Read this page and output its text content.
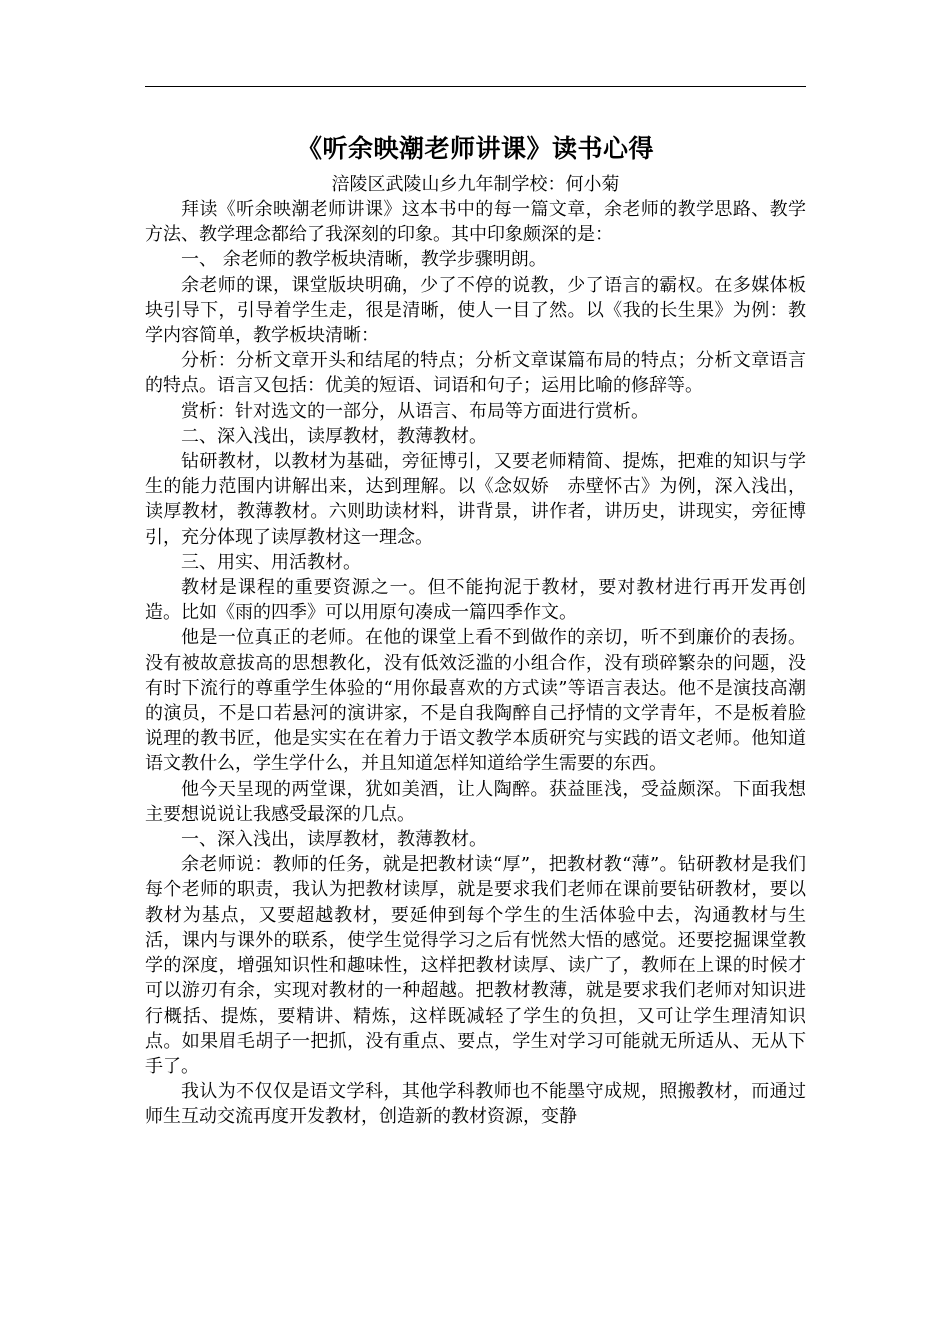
《听余映潮老师讲课》读书心得

涪陵区武陵山乡九年制学校：何小菊

拜读《听余映潮老师讲课》这本书中的每一篇文章，余老师的教学思路、教学方法、教学理念都给了我深刻的印象。其中印象颇深的是：

一、 余老师的教学板块清晰，教学步骤明朗。

余老师的课，课堂版块明确，少了不停的说教，少了语言的霸权。在多媒体板块引导下，引导着学生走，很是清晰，使人一目了然。以《我的长生果》为例：教学内容简单，教学板块清晰：

分析：分析文章开头和结尾的特点；分析文章谋篇布局的特点；分析文章语言的特点。语言又包括：优美的短语、词语和句子；运用比喻的修辞等。

赏析：针对选文的一部分，从语言、布局等方面进行赏析。

二、深入浅出，读厚教材，教薄教材。

钻研教材，以教材为基础，旁征博引，又要老师精简、提炼，把难的知识与学生的能力范围内讲解出来，达到理解。以《念奴娇　赤壁怀古》为例，深入浅出，读厚教材，教薄教材。六则助读材料，讲背景，讲作者，讲历史，讲现实，旁征博引，充分体现了读厚教材这一理念。

三、用实、用活教材。

教材是课程的重要资源之一。但不能拘泥于教材，要对教材进行再开发再创造。比如《雨的四季》可以用原句凑成一篇四季作文。

他是一位真正的老师。在他的课堂上看不到做作的亲切，听不到廉价的表扬。没有被故意拔高的思想教化，没有低效泛滥的小组合作，没有琐碎繁杂的问题，没有时下流行的尊重学生体验的“用你最喜欢的方式读”等语言表达。他不是演技高潮的演员，不是口若悬河的演讲家，不是自我陶醉自己抒情的文学青年，不是板着脸说理的教书匠，他是实实在在着力于语文教学本质研究与实践的语文老师。他知道语文教什么，学生学什么，并且知道怎样知道给学生需要的东西。

他今天呈现的两堂课，犹如美酒，让人陶醉。获益匪浅，受益颇深。下面我想主要想说说让我感受最深的几点。

一、深入浅出，读厚教材，教薄教材。

余老师说：教师的任务，就是把教材读“厚”，把教材教“薄”。钻研教材是我们每个老师的职责，我认为把教材读厚，就是要求我们老师在课前要钻研教材，要以教材为基点，又要超越教材，要延伸到每个学生的生活体验中去，沟通教材与生活，课内与课外的联系，使学生觉得学习之后有恍然大悟的感觉。还要挖掘课堂教学的深度，增强知识性和趣味性，这样把教材读厚、读广了，教师在上课的时候才可以游刃有余，实现对教材的一种超越。把教材教薄，就是要求我们老师对知识进行概括、提炼，要精讲、精炼，这样既减轻了学生的负担，又可让学生理清知识点。如果眉毛胡子一把抓，没有重点、要点，学生对学习可能就无所适从、无从下手了。

我认为不仅仅是语文学科，其他学科教师也不能墨守成规，照搬教材，而通过师生互动交流再度开发教材，创造新的教材资源，变静
